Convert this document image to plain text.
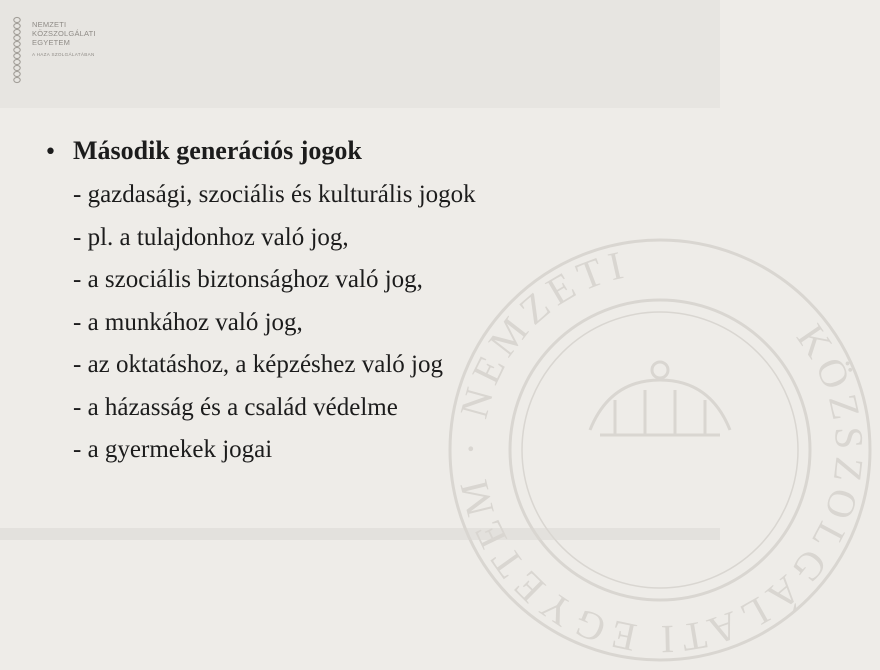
NEMZETI
KÖZSZOLGÁLATI
EGYETEM
A HAZA SZOLGÁLATÁBAN
KÖZSZOLGÁLATI EGYETEM · NEMZETI
• Második generációs jogok
- gazdasági, szociális és kulturális jogok
- pl. a tulajdonhoz való jog,
- a szociális biztonsághoz való jog,
- a munkához való jog,
- az oktatáshoz, a képzéshez való jog
- a házasság és a család védelme
- a gyermekek jogai
